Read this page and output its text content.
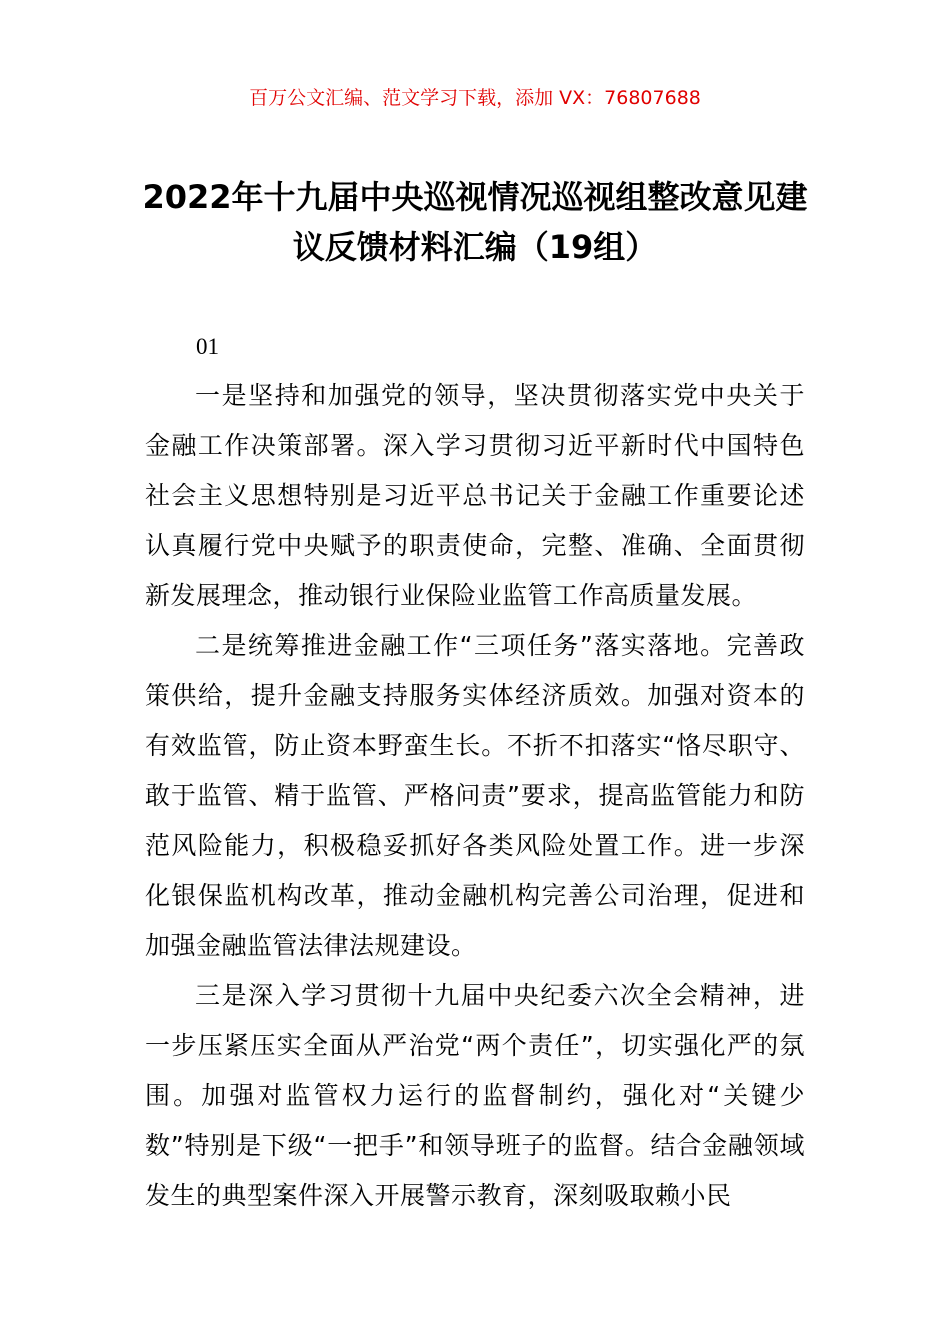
百万公文汇编、范文学习下载，添加 VX：76807688
2022年十九届中央巡视情况巡视组整改意见建议反馈材料汇编（19组）
01

一是坚持和加强党的领导，坚决贯彻落实党中央关于金融工作决策部署。深入学习贯彻习近平新时代中国特色社会主义思想特别是习近平总书记关于金融工作重要论述认真履行党中央赋予的职责使命，完整、准确、全面贯彻新发展理念，推动银行业保险业监管工作高质量发展。

二是统筹推进金融工作“三项任务”落实落地。完善政策供给，提升金融支持服务实体经济质效。加强对资本的有效监管，防止资本野蛮生长。不折不扣落实“恪尽职守、敢于监管、精于监管、严格问责”要求，提高监管能力和防范风险能力，积极稳妥抓好各类风险处置工作。进一步深化银保监机构改革，推动金融机构完善公司治理，促进和加强金融监管法律法规建设。

三是深入学习贯彻十九届中央纪委六次全会精神，进一步压紧压实全面从严治党“两个责任”，切实强化严的氛围。加强对监管权力运行的监督制约，强化对“关键少数”特别是下级“一把手”和领导班子的监督。结合金融领域发生的典型案件深入开展警示教育，深刻吸取赖小民
